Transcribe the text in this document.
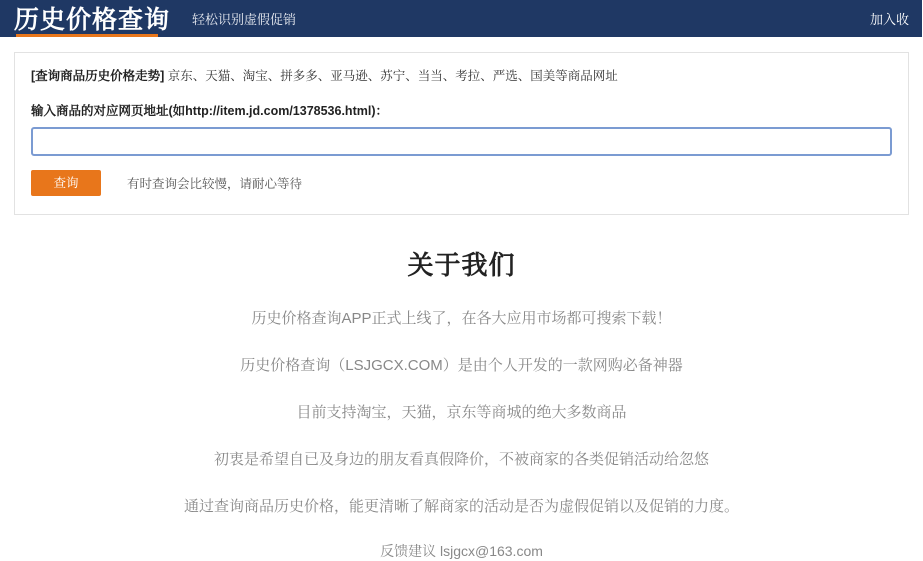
历史价格查询 轻松识别虚假促销	加入收
[查询商品历史价格走势] 京东、天猫、淘宝、拼多多、亚马逊、苏宁、当当、考拉、严选、国美等商品网址
输入商品的对应网页地址(如http://item.jd.com/1378536.html)：
查询	有时查询会比较慢，请耐心等待
关于我们
历史价格查询APP正式上线了，在各大应用市场都可搜索下载！
历史价格查询（LSJGCX.COM）是由个人开发的一款网购必备神器
目前支持淘宝，天猫，京东等商城的绝大多数商品
初衷是希望自已及身边的朋友看真假降价，不被商家的各类促销活动给忽悠
通过查询商品历史价格，能更清晰了解商家的活动是否为虚假促销以及促销的力度。
反馈建议 lsjgcx@163.com
